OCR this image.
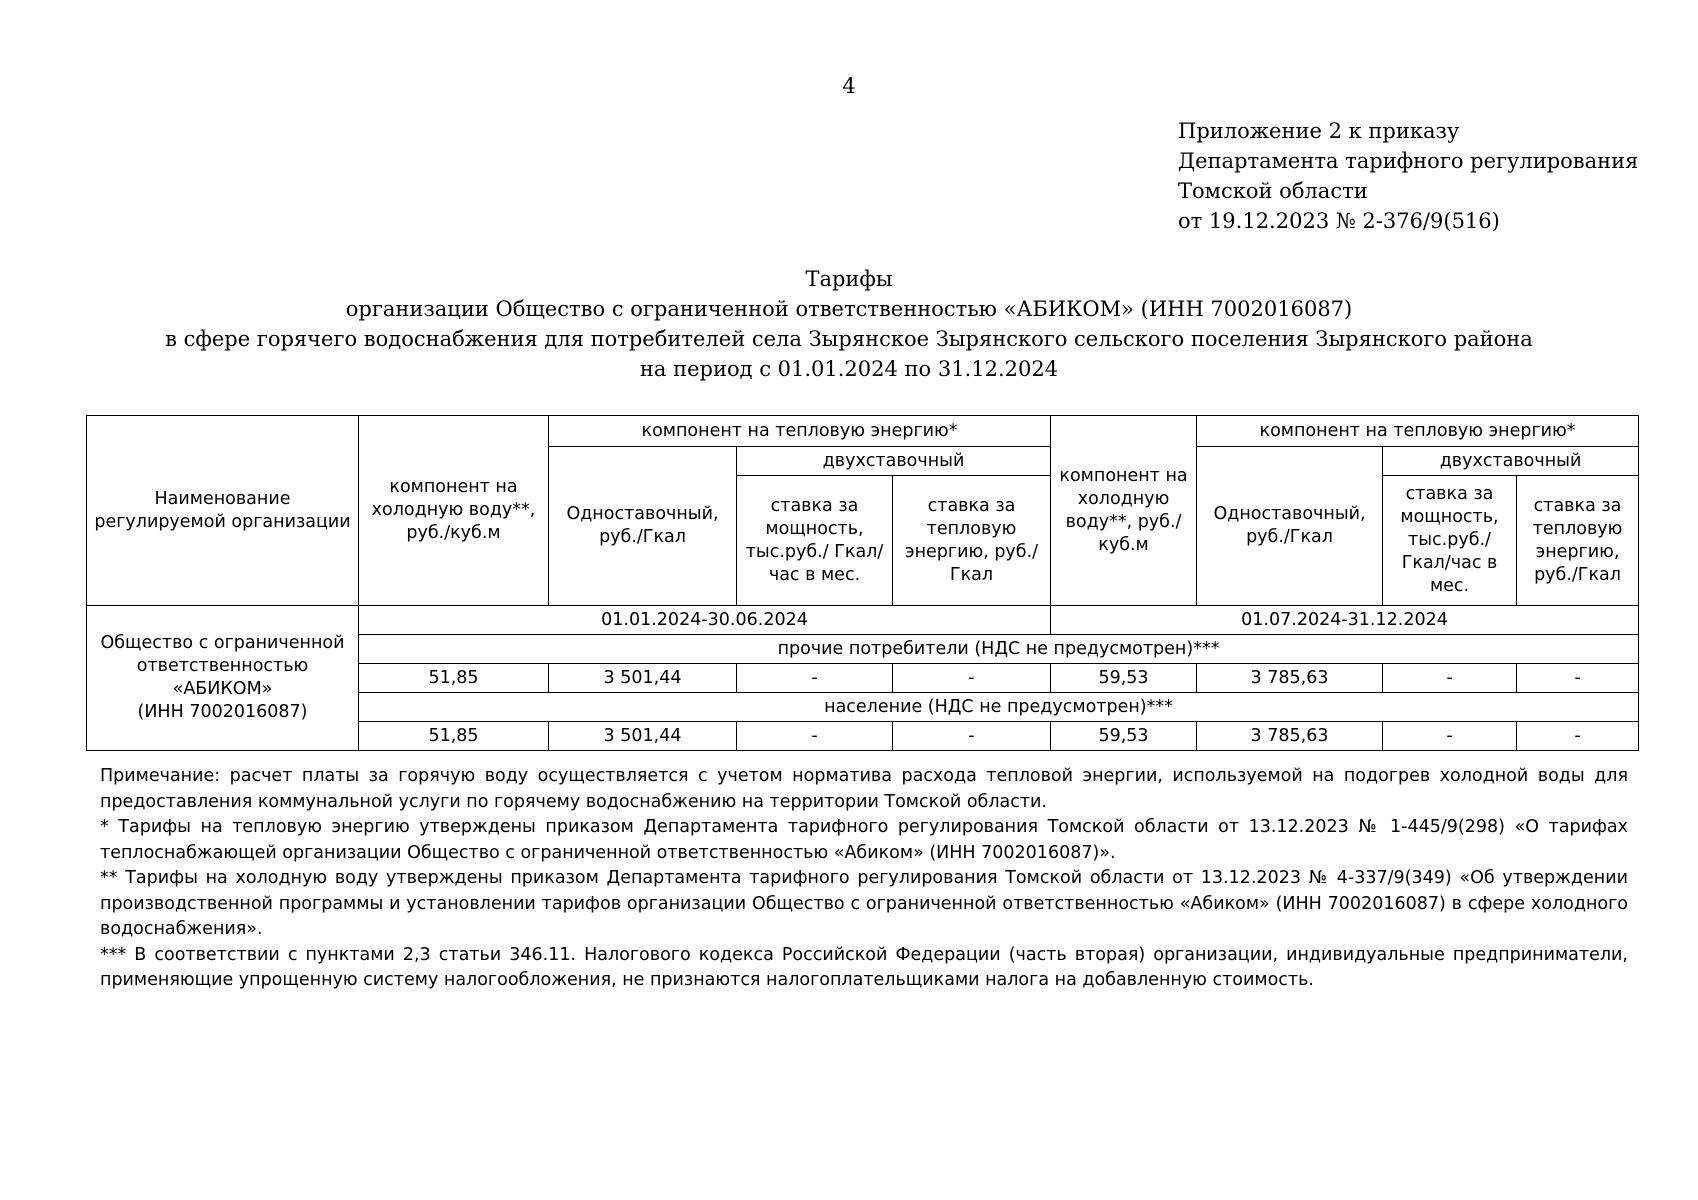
4
Приложение 2 к приказу
Департамента тарифного регулирования
Томской области
от 19.12.2023 № 2-376/9(516)
Тарифы
организации Общество с ограниченной ответственностью «АБИКОМ» (ИНН 7002016087)
в сфере горячего водоснабжения для потребителей села Зырянское Зырянского сельского поселения Зырянского района
на период с 01.01.2024 по 31.12.2024
Наименование регулируемой организации	компонент на холодную воду**, руб./куб.м	компонент на тепловую энергию*			компонент на холодную воду**, руб./куб.м	компонент на тепловую энергию*		
		Одноставочный, руб./Гкал	двухставочный			Одноставочный, руб./Гкал	двухставочный	
			ставка за мощность, тыс.руб./ Гкал/час в мес.	ставка за тепловую энергию, руб./Гкал			ставка за мощность, тыс.руб./ Гкал/час в мес.	ставка за тепловую энергию, руб./Гкал

Общество с ограниченной
ответственностью
«АБИКОМ»
(ИНН 7002016087)	01.01.2024-30.06.2024				01.07.2024-31.12.2024			
	прочие потребители (НДС не предусмотрен)***							
	51,85	3 501,44	-	-	59,53	3 785,63	-	-
	население (НДС не предусмотрен)***							
	51,85	3 501,44	-	-	59,53	3 785,63	-	-

Примечание: расчет платы за горячую воду осуществляется с учетом норматива расхода тепловой энергии, используемой на подогрев холодной воды для предоставления коммунальной услуги по горячему водоснабжению на территории Томской области.

* Тарифы на тепловую энергию утверждены приказом Департамента тарифного регулирования Томской области от 13.12.2023 № 1-445/9(298) «О тарифах теплоснабжающей организации Общество с ограниченной ответственностью «Абиком» (ИНН 7002016087)».

** Тарифы на холодную воду утверждены приказом Департамента тарифного регулирования Томской области от 13.12.2023 № 4-337/9(349) «Об утверждении производственной программы и установлении тарифов организации Общество с ограниченной ответственностью «Абиком» (ИНН 7002016087) в сфере холодного водоснабжения».

*** В соответствии с пунктами 2,3 статьи 346.11. Налогового кодекса Российской Федерации (часть вторая) организации, индивидуальные предприниматели, применяющие упрощенную систему налогообложения, не признаются налогоплательщиками налога на добавленную стоимость.
